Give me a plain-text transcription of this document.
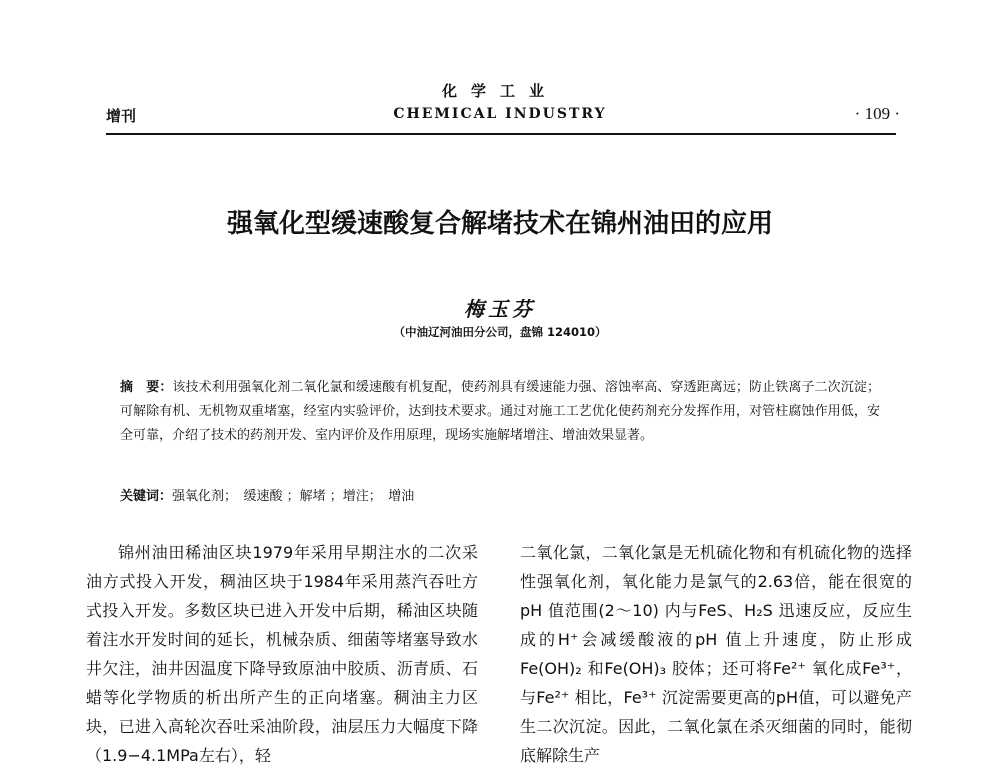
化学工业
增刊	CHEMICAL INDUSTRY	· 109 ·
强氧化型缓速酸复合解堵技术在锦州油田的应用
梅玉芬
（中油辽河油田分公司，盘锦 124010）
摘　要：该技术利用强氧化剂二氧化氯和缓速酸有机复配，使药剂具有缓速能力强、溶蚀率高、穿透距离远；防止铁离子二次沉淀；可解除有机、无机物双重堵塞，经室内实验评价，达到技术要求。通过对施工工艺优化使药剂充分发挥作用，对管柱腐蚀作用低，安全可靠，介绍了技术的药剂开发、室内评价及作用原理，现场实施解堵增注、增油效果显著。
关键词：强氧化剂；　缓速酸 ；解堵 ；增注；　增油

锦州油田稀油区块1979年采用早期注水的二次采油方式投入开发，稠油区块于1984年采用蒸汽吞吐方式投入开发。多数区块已进入开发中后期，稀油区块随着注水开发时间的延长，机械杂质、细菌等堵塞导致水井欠注，油井因温度下降导致原油中胶质、沥青质、石蜡等化学物质的析出所产生的正向堵塞。稠油主力区块，已进入高轮次吞吐采油阶段，油层压力大幅度下降（1.9−4.1MPa左右），轻

二氧化氯，二氧化氯是无机硫化物和有机硫化物的选择性强氧化剂，氧化能力是氯气的2.63倍，能在很宽的pH 值范围(2～10) 内与FeS、H₂S 迅速反应，反应生成的H⁺会减缓酸液的pH 值上升速度，防止形成Fe(OH)₂ 和Fe(OH)₃ 胶体；还可将Fe²⁺ 氧化成Fe³⁺，与Fe²⁺ 相比，Fe³⁺ 沉淀需要更高的pH值，可以避免产生二次沉淀。因此，二氧化氯在杀灭细菌的同时，能彻底解除生产
